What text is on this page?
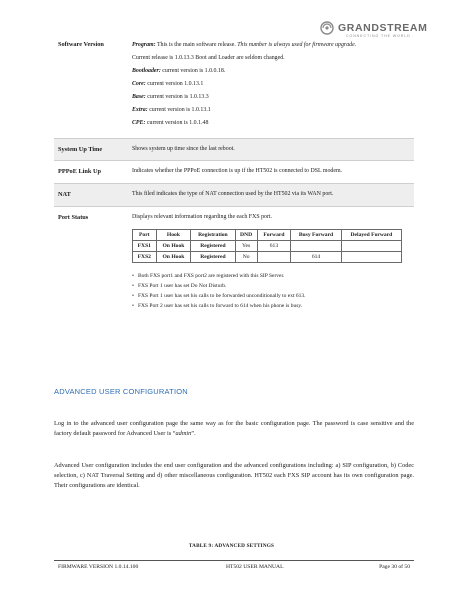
GRANDSTREAM
CONNECTING THE WORLD
Software Version	Program: This is the main software release. This number is always used for firmware upgrade.
Current release is 1.0.13.3 Boot and Loader are seldom changed.
Bootloader: current version is 1.0.0.18.
Core: current version 1.0.13.1
Base: current version is 1.0.13.3
Extra: current version is 1.0.13.1
CPE: current version is 1.0.1.48
System Up Time	Shows system up time since the last reboot.
PPPoE Link Up	Indicates whether the PPPoE connection is up if the HT502 is connected to DSL modem.
NAT	This filed indicates the type of NAT connection used by the HT502 via its WAN port.
Port Status	Displays relevant information regarding the each FXS port.
Port	Hook	Registration	DND	Forward	Busy Forward	Delayed Forward
FXS1	On Hook	Registered	Yes	613		
FXS2	On Hook	Registered	No		614	
• Both FXS port1 and FXS port2 are registered with this SIP Server.
• FXS Port 1 user has set Do Not Disturb.
• FXS Port 1 user has set his calls to be forwarded unconditionally to ext 613.
• FXS Port 2 user has set his calls to forward to 614 when his phone is busy.
ADVANCED USER CONFIGURATION
Log in to the advanced user configuration page the same way as for the basic configuration page. The password is case sensitive and the factory default password for Advanced User is “admin”.
Advanced User configuration includes the end user configuration and the advanced configurations including: a) SIP configuration, b) Codec selection, c) NAT Traversal Setting and d) other miscellaneous configuration. HT502 each FXS SIP account has its own configuration page. Their configurations are identical.
TABLE 9: ADVANCED SETTINGS
FIRMWARE VERSION 1.0.14.100	HT502 USER MANUAL	Page 30 of 50
